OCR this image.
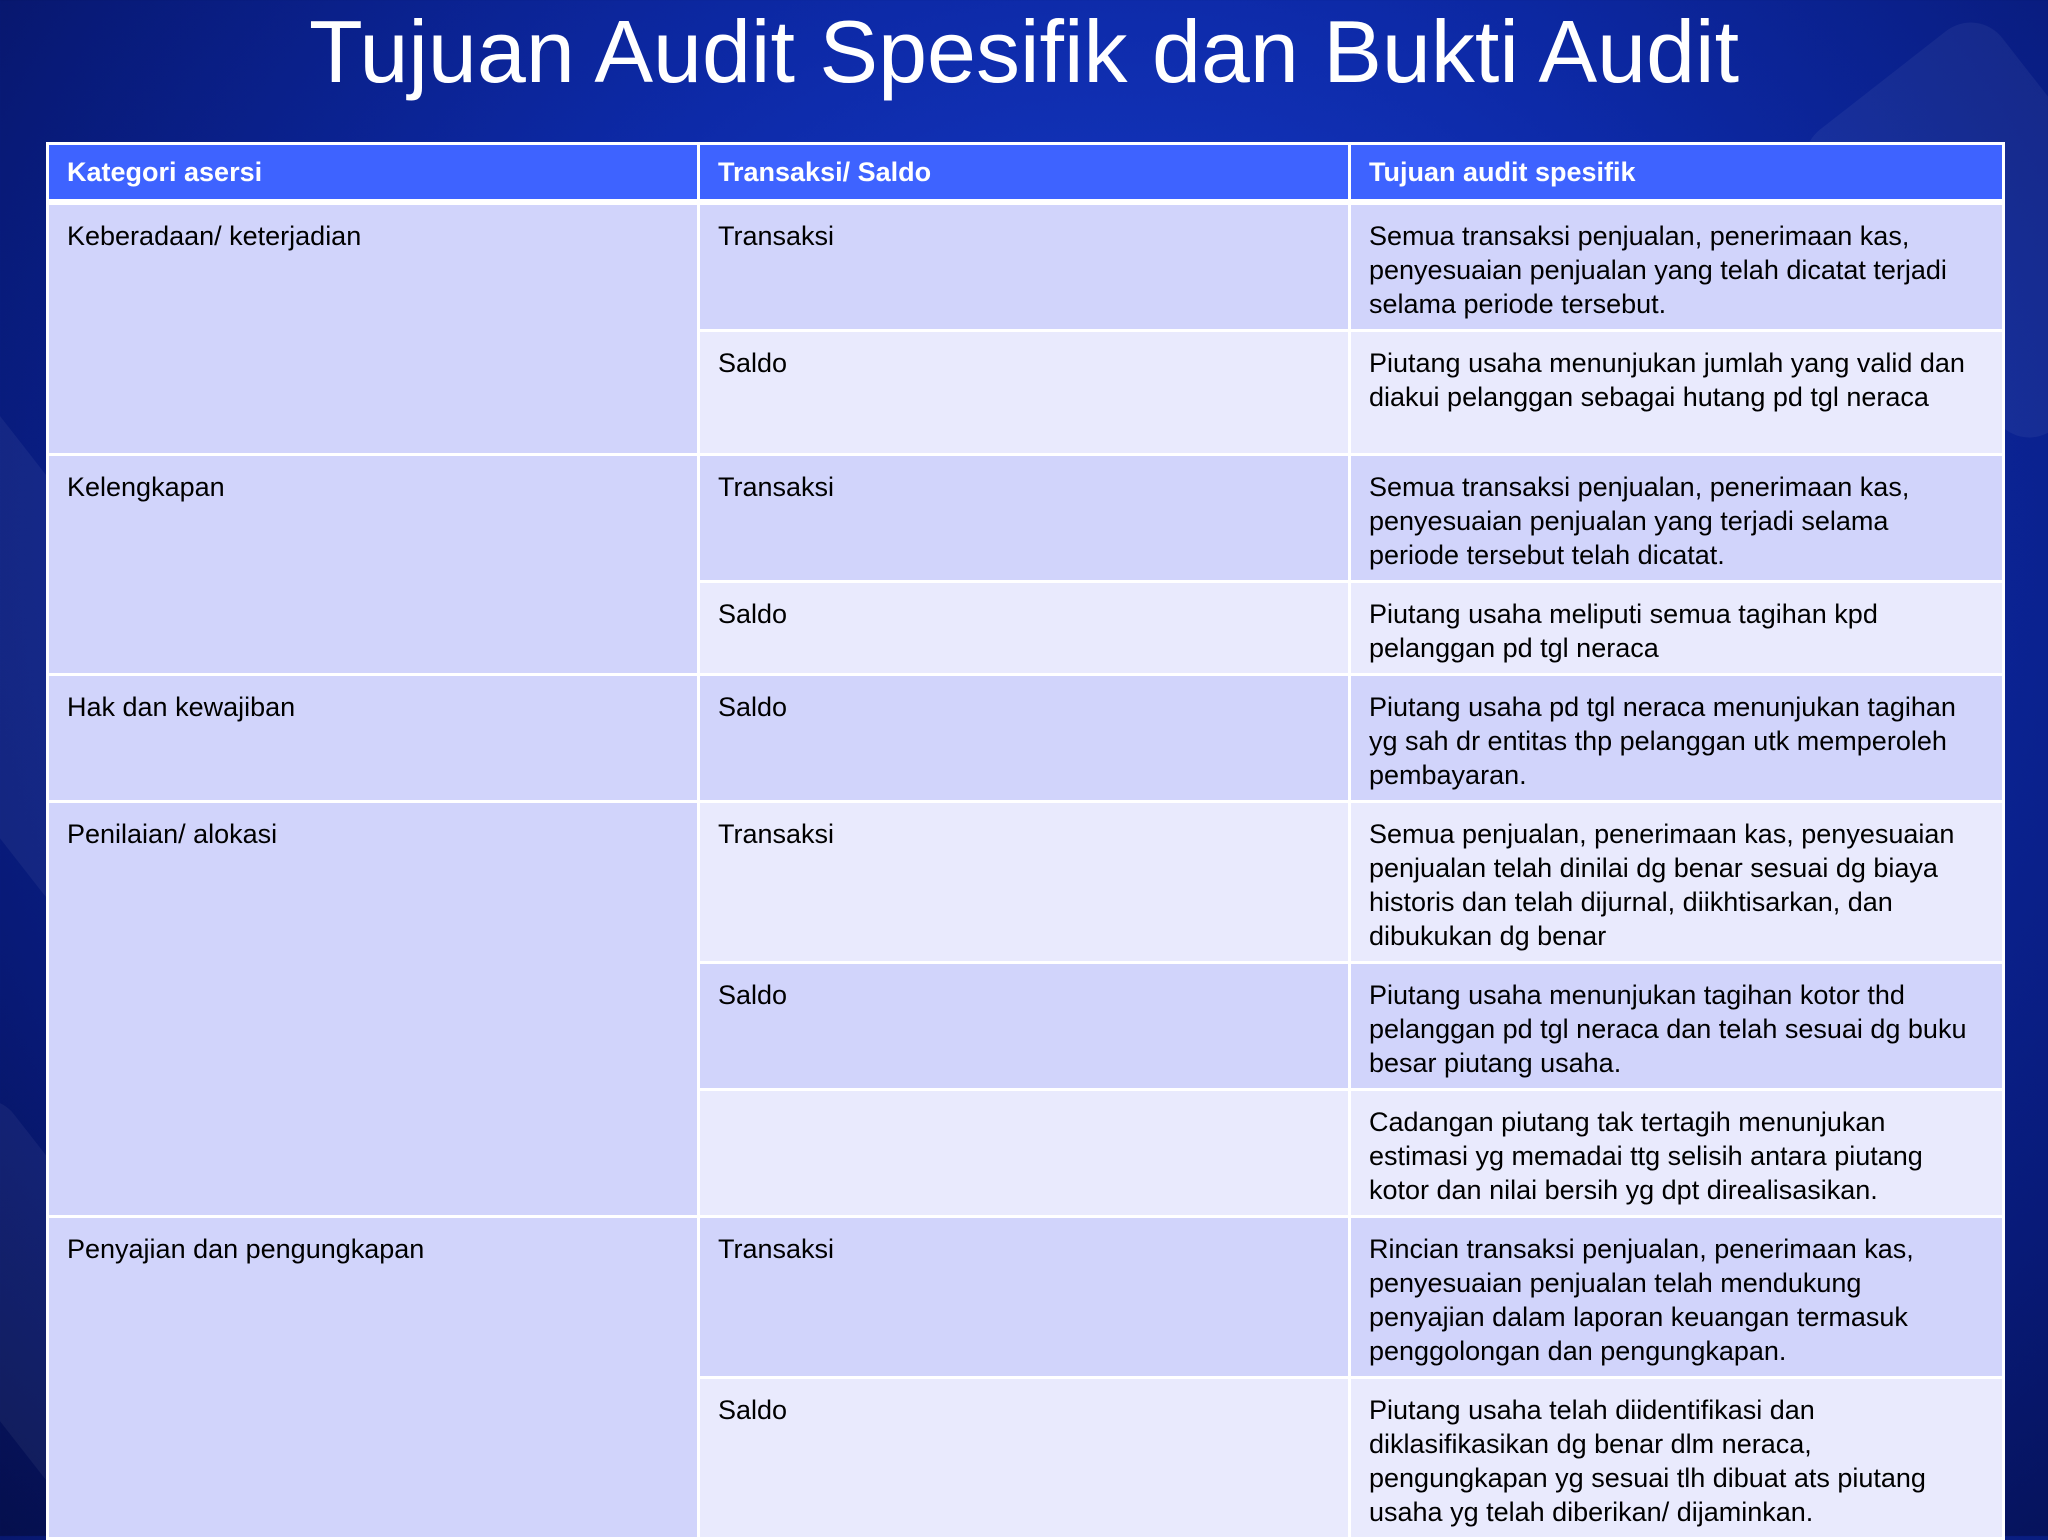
Tujuan Audit Spesifik dan Bukti Audit
Kategori asersi	Transaksi/ Saldo	Tujuan audit spesifik
Keberadaan/ keterjadian	Transaksi	Semua transaksi penjualan, penerimaan kas, penyesuaian penjualan yang telah dicatat terjadi selama periode tersebut.
	Saldo	Piutang usaha menunjukan jumlah yang valid dan diakui pelanggan sebagai hutang pd tgl neraca
Kelengkapan	Transaksi	Semua transaksi penjualan, penerimaan kas, penyesuaian penjualan yang terjadi selama periode tersebut telah dicatat.
	Saldo	Piutang usaha meliputi semua tagihan kpd pelanggan pd tgl neraca
Hak dan kewajiban	Saldo	Piutang usaha pd tgl neraca menunjukan tagihan yg sah dr entitas thp pelanggan utk memperoleh pembayaran.
Penilaian/ alokasi	Transaksi	Semua penjualan, penerimaan kas, penyesuaian penjualan telah dinilai dg benar sesuai dg biaya historis dan telah dijurnal, diikhtisarkan, dan dibukukan dg benar
	Saldo	Piutang usaha menunjukan tagihan kotor thd pelanggan pd tgl neraca dan telah sesuai dg buku besar piutang usaha.
		Cadangan piutang tak tertagih menunjukan estimasi yg memadai ttg selisih antara piutang kotor dan nilai bersih yg dpt direalisasikan.
Penyajian dan pengungkapan	Transaksi	Rincian transaksi penjualan, penerimaan kas, penyesuaian penjualan telah mendukung penyajian dalam laporan keuangan termasuk penggolongan dan pengungkapan.
	Saldo	Piutang usaha telah diidentifikasi dan diklasifikasikan dg benar dlm neraca, pengungkapan yg sesuai tlh dibuat ats piutang usaha yg telah diberikan/ dijaminkan.
